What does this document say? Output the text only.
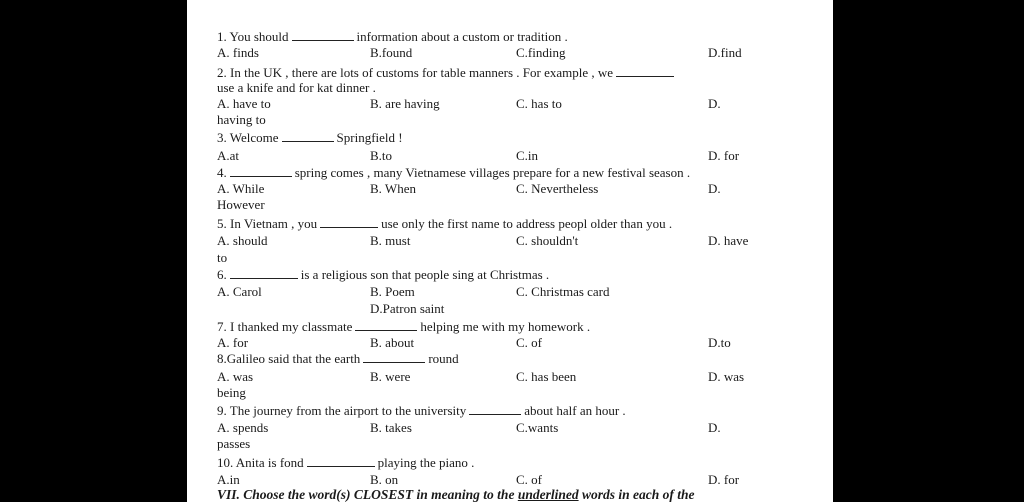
1. You should	information about a custom or tradition .
A. finds	B.found	C.finding	D.find
2. In the UK , there are lots of customs for table manners . For example , we
use a knife and for kat dinner .
A. have to	B. are having	C. has to	D.
having to
3. Welcome	Springfield !
A.at	B.to	C.in	D. for
4.	spring comes , many Vietnamese villages prepare for a new festival season .
A. While	B. When	C. Nevertheless	D.
However
5. In Vietnam , you	use only the first name to address peopl older than you .
A. should	B. must	C. shouldn't	D. have
to
6.	is a religious son that people sing at Christmas .
A. Carol	B. Poem	C. Christmas card
D.Patron saint
7. I thanked my classmate	helping me with my homework .
A. for	B. about	C. of	D.to
8.Galileo said that the earth	round
A. was	B. were	C. has been	D. was
being
9. The journey from the airport to the university	about half an hour .
A. spends	B. takes	C.wants	D.
passes
10. Anita is fond	playing the piano .
A.in	B. on	C. of	D. for
VII. Choose the word(s) CLOSEST in meaning to the underlined words in each of the
